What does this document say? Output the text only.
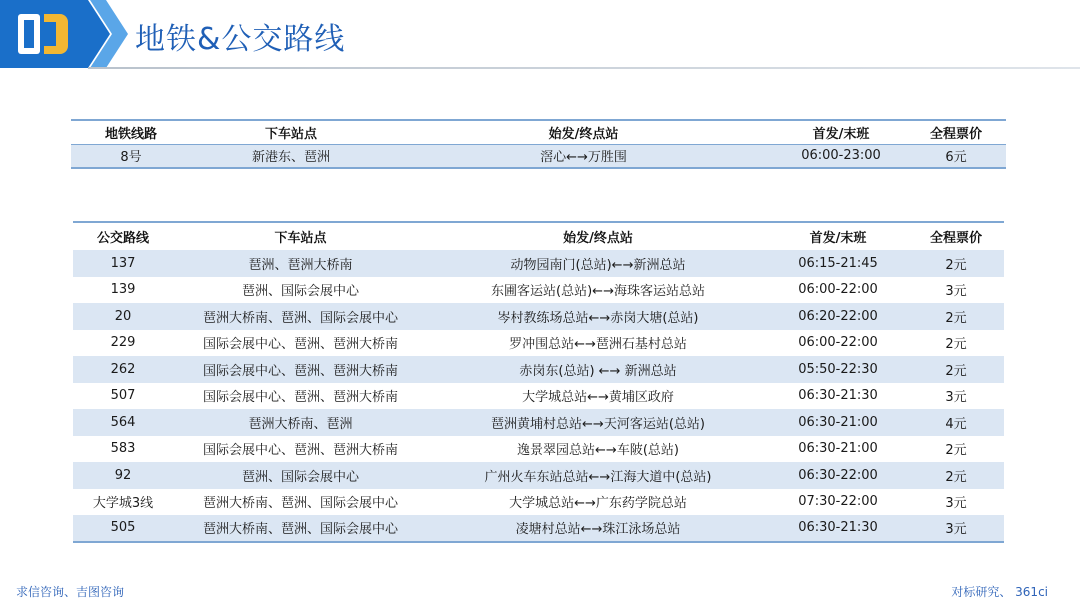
地铁&公交路线
地铁线路	下车站点	始发/终点站	首发/末班	全程票价
8号	新港东、琶洲	滘心←→万胜围	06:00-23:00	6元
公交路线	下车站点	始发/终点站	首发/末班	全程票价
137	琶洲、琶洲大桥南	动物园南门(总站)←→新洲总站	06:15-21:45	2元
139	琶洲、国际会展中心	东圃客运站(总站)←→海珠客运站总站	06:00-22:00	3元
20	琶洲大桥南、琶洲、国际会展中心	岑村教练场总站←→赤岗大塘(总站)	06:20-22:00	2元
229	国际会展中心、琶洲、琶洲大桥南	罗冲围总站←→琶洲石基村总站	06:00-22:00	2元
262	国际会展中心、琶洲、琶洲大桥南	赤岗东(总站) ←→ 新洲总站	05:50-22:30	2元
507	国际会展中心、琶洲、琶洲大桥南	大学城总站←→黄埔区政府	06:30-21:30	3元
564	琶洲大桥南、琶洲	琶洲黄埔村总站←→天河客运站(总站)	06:30-21:00	4元
583	国际会展中心、琶洲、琶洲大桥南	逸景翠园总站←→车陂(总站)	06:30-21:00	2元
92	琶洲、国际会展中心	广州火车东站总站←→江海大道中(总站)	06:30-22:00	2元
大学城3线	琶洲大桥南、琶洲、国际会展中心	大学城总站←→广东药学院总站	07:30-22:00	3元
505	琶洲大桥南、琶洲、国际会展中心	凌塘村总站←→珠江泳场总站	06:30-21:30	3元
求信咨询、吉图咨询	对标研究、 361ci
